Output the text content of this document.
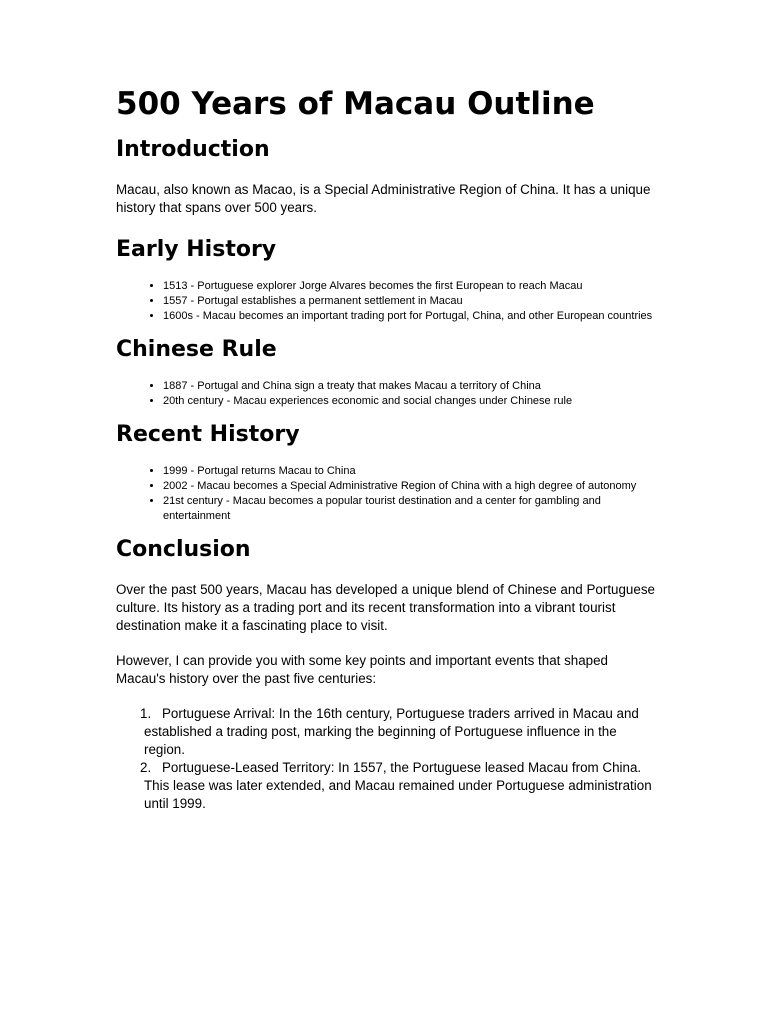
500 Years of Macau Outline
Introduction

Macau, also known as Macao, is a Special Administrative Region of China. It has a unique history that spans over 500 years.

Early History
• 1513 - Portuguese explorer Jorge Alvares becomes the first European to reach Macau
• 1557 - Portugal establishes a permanent settlement in Macau
• 1600s - Macau becomes an important trading port for Portugal, China, and other European countries
Chinese Rule
• 1887 - Portugal and China sign a treaty that makes Macau a territory of China
• 20th century - Macau experiences economic and social changes under Chinese rule
Recent History
• 1999 - Portugal returns Macau to China
• 2002 - Macau becomes a Special Administrative Region of China with a high degree of autonomy
• 21st century - Macau becomes a popular tourist destination and a center for gambling and entertainment
Conclusion

Over the past 500 years, Macau has developed a unique blend of Chinese and Portuguese culture. Its history as a trading port and its recent transformation into a vibrant tourist destination make it a fascinating place to visit.

However, I can provide you with some key points and important events that shaped Macau's history over the past five centuries:

1. Portuguese Arrival: In the 16th century, Portuguese traders arrived in Macau and established a trading post, marking the beginning of Portuguese influence in the region.
2. Portuguese-Leased Territory: In 1557, the Portuguese leased Macau from China. This lease was later extended, and Macau remained under Portuguese administration until 1999.
